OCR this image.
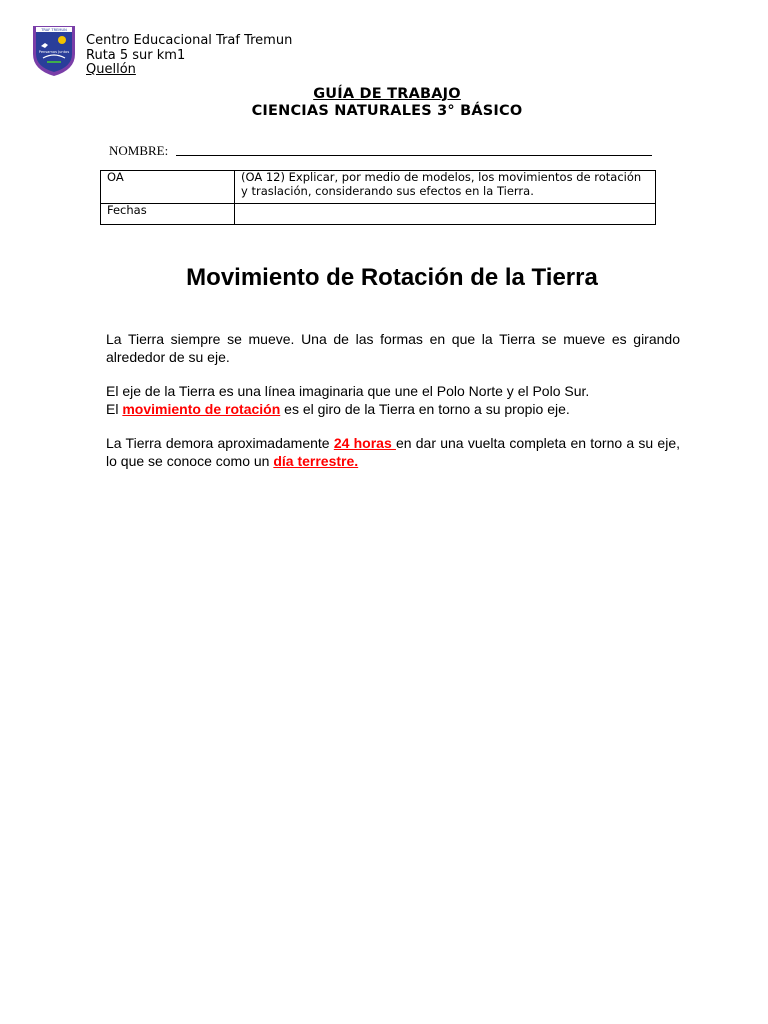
TRAF TREMUN
Pensamos Juntos
Centro Educacional Traf Tremun
Ruta 5 sur km1
Quellón
GUÍA DE TRABAJO
CIENCIAS NATURALES 3° BÁSICO
NOMBRE:
OA	(OA 12) Explicar, por medio de modelos, los movimientos de rotación y traslación, considerando sus efectos en la Tierra.
Fechas	
Movimiento de Rotación de la Tierra
La Tierra siempre se mueve. Una de las formas en que la Tierra se mueve es girando alrededor de su eje.
El eje de la Tierra es una línea imaginaria que une el Polo Norte y el Polo Sur.
El movimiento de rotación es el giro de la Tierra en torno a su propio eje.
La Tierra demora aproximadamente 24 horas en dar una vuelta completa en torno a su eje, lo que se conoce como un día terrestre.
